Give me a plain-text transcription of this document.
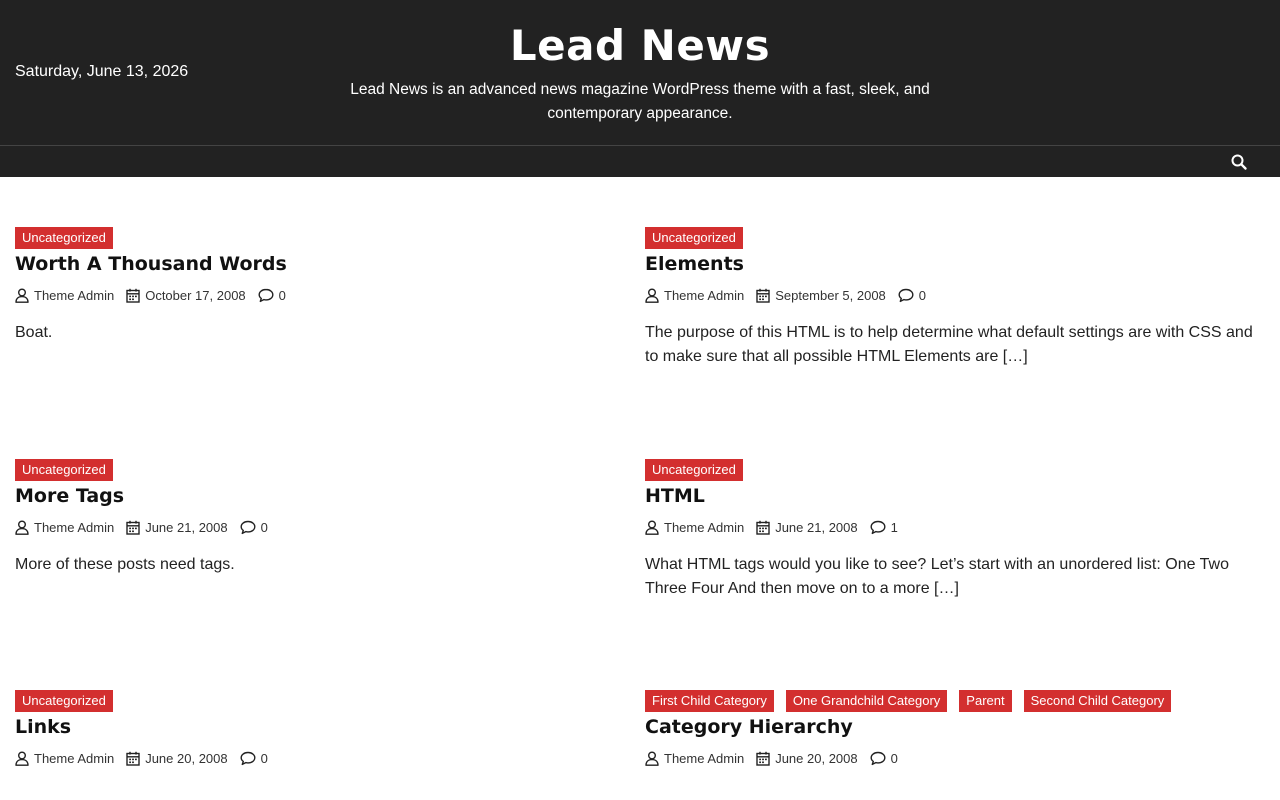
Saturday, June 13, 2026
Lead News
Lead News is an advanced news magazine WordPress theme with a fast, sleek, and contemporary appearance.
Uncategorized
Worth A Thousand Words
Theme Admin October 17, 2008	0

Boat.

Uncategorized
Elements
Theme Admin September 5, 2008	0

The purpose of this HTML is to help determine what default settings are with CSS and to make sure that all possible HTML Elements are […]

Uncategorized
More Tags
Theme Admin June 21, 2008	0

More of these posts need tags.

Uncategorized
HTML
Theme Admin June 21, 2008	1

What HTML tags would you like to see? Let’s start with an unordered list: One Two Three Four And then move on to a more […]

Uncategorized
Links
Theme Admin June 20, 2008	0
First Child Category	One Grandchild Category	Parent	Second Child Category
Category Hierarchy
Theme Admin June 20, 2008	0
